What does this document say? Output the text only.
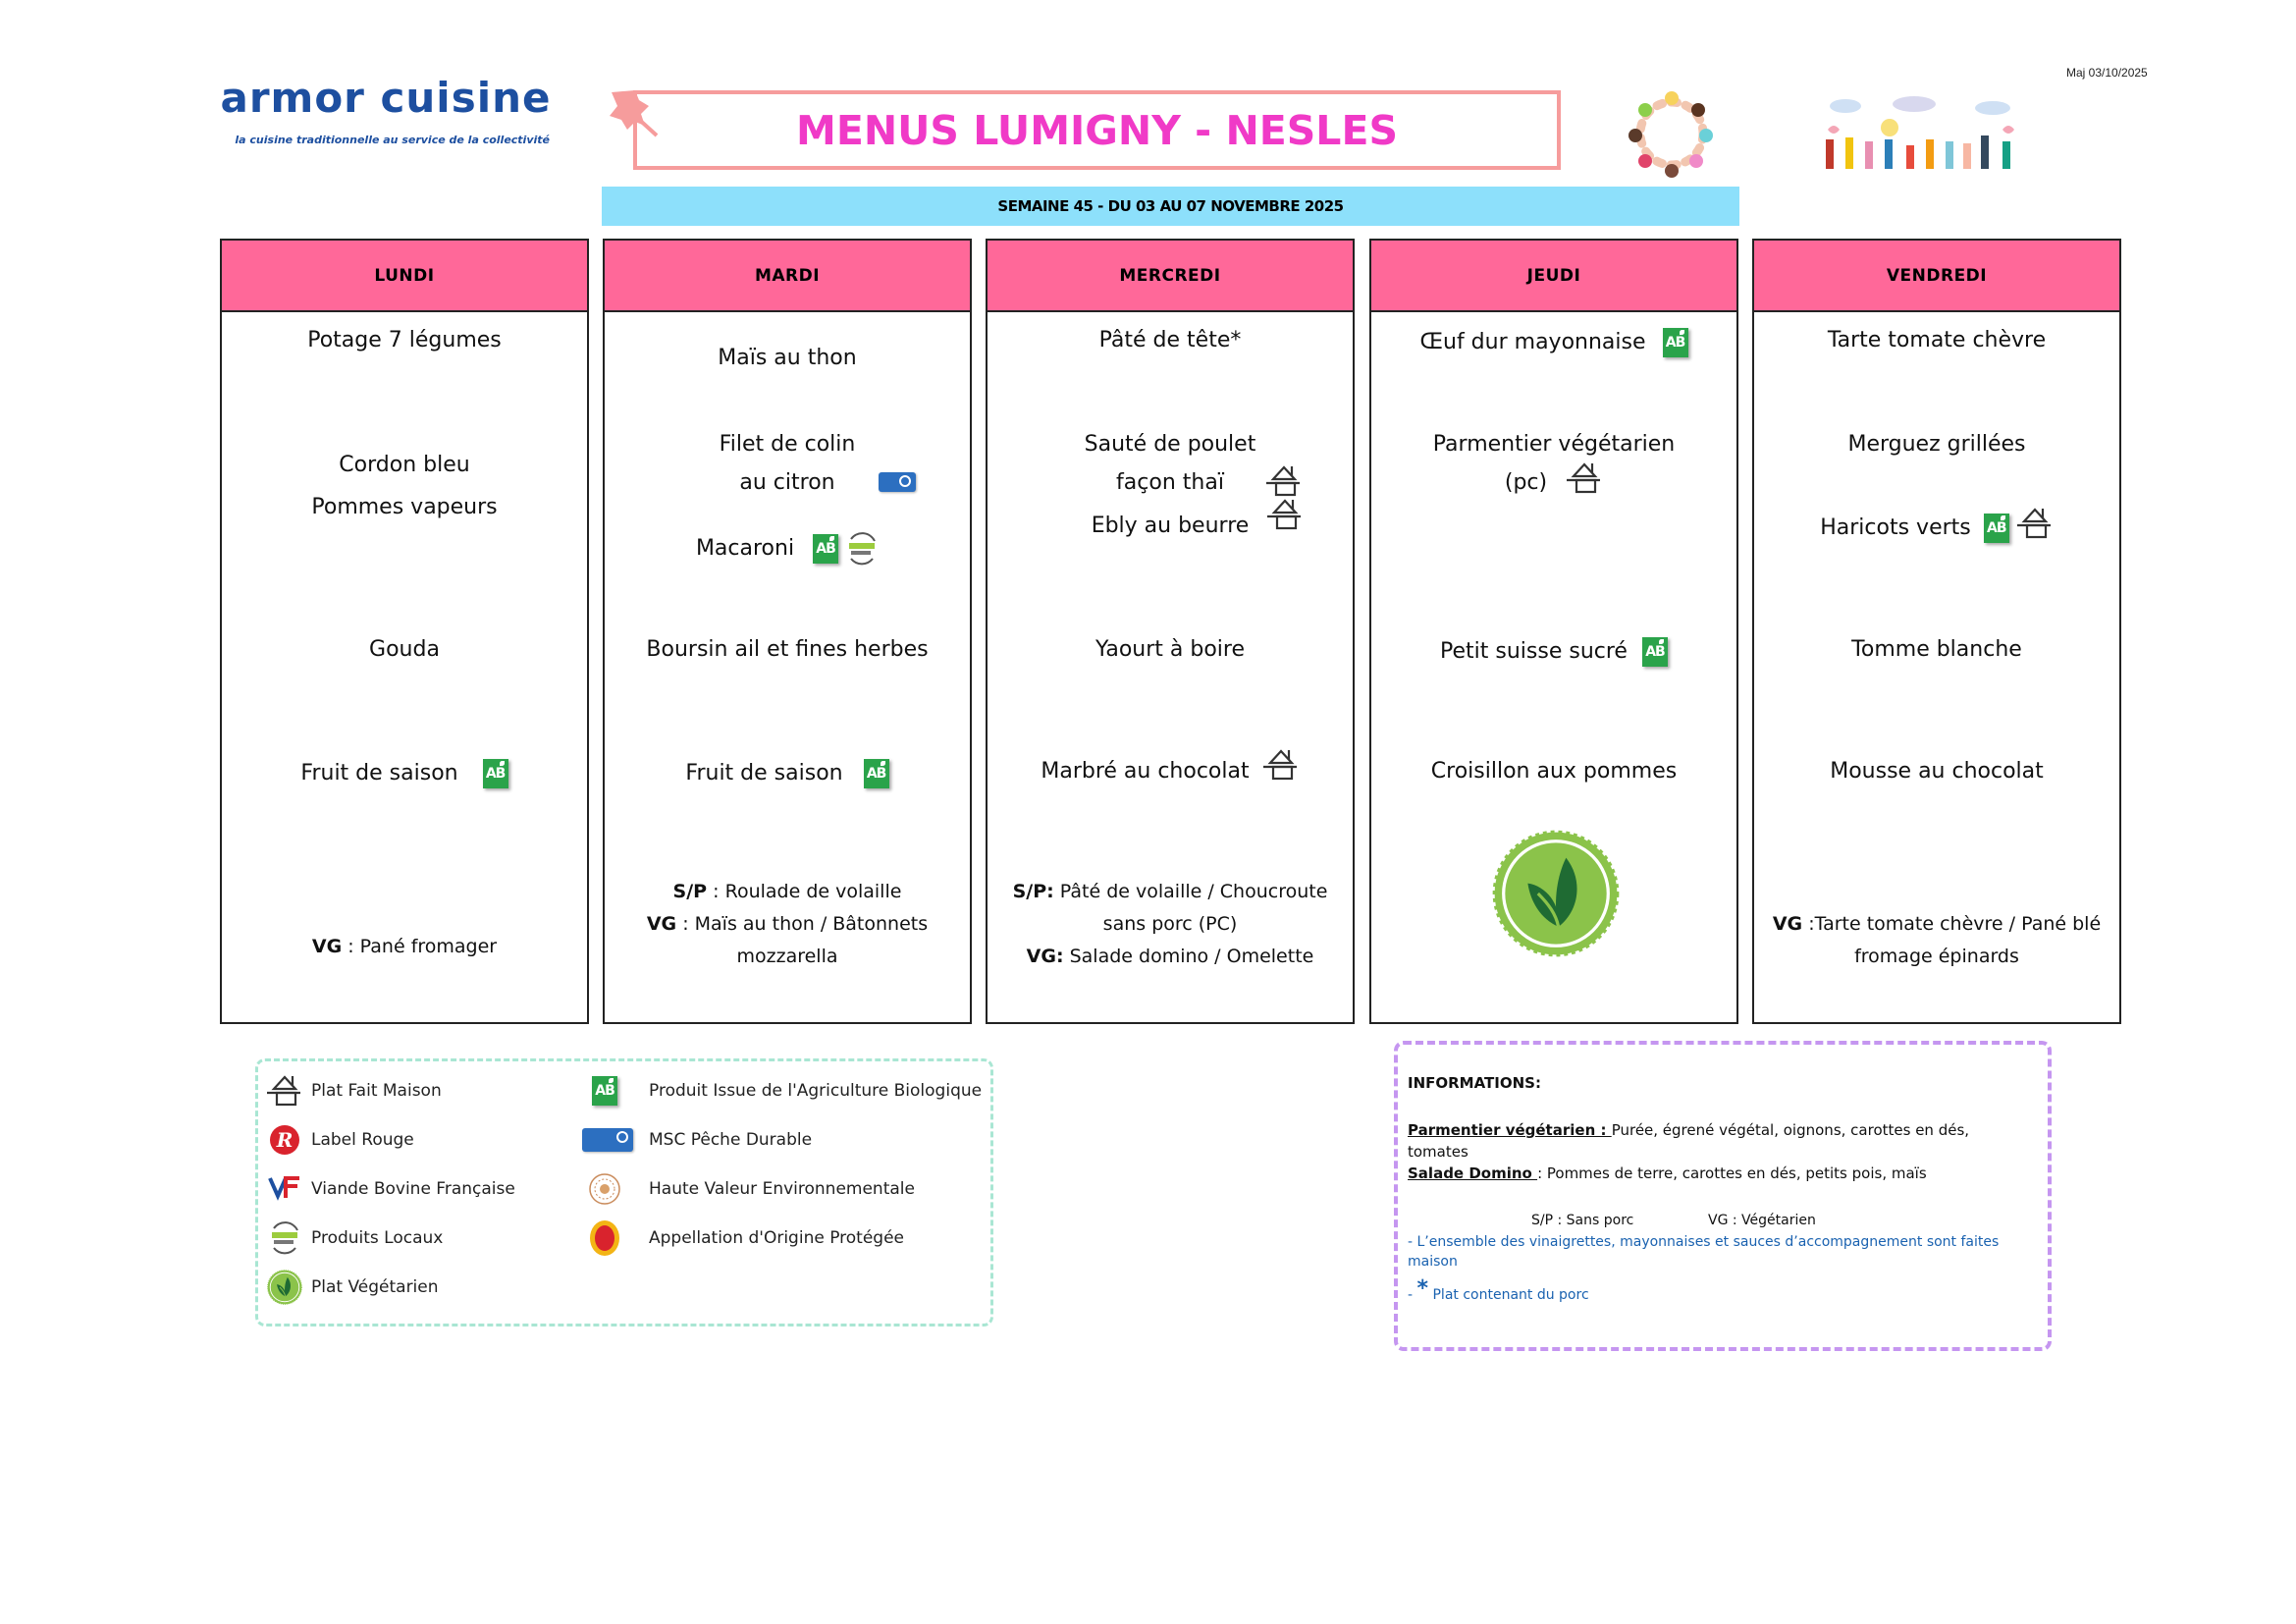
armor cuisine
la cuisine traditionnelle au service de la collectivité	MENUS LUMIGNY - NESLES
Maj 03/10/2025
SEMAINE 45 - DU 03 AU 07 NOVEMBRE 2025
LUNDI
Potage 7 légumes
Cordon bleu
Pommes vapeurs
Gouda
Fruit de saison AB
VG : Pané fromager
MARDI
Maïs au thon
Filet de colin
au citron
Macaroni AB
Boursin ail et fines herbes
Fruit de saison AB
S/P : Roulade de volaille
VG : Maïs au thon / Bâtonnets
mozzarella
MERCREDI
Pâté de tête*
Sauté de poulet
façon thaï
Ebly au beurre
Yaourt à boire
Marbré au chocolat
S/P: Pâté de volaille / Choucroute
sans porc (PC)
VG: Salade domino / Omelette
JEUDI
Œuf dur mayonnaise AB
Parmentier végétarien
(pc)
Petit suisse sucré AB
Croisillon aux pommes
VENDREDI
Tarte tomate chèvre
Merguez grillées
Haricots verts AB
Tomme blanche
Mousse au chocolat
VG :Tarte tomate chèvre / Pané blé
fromage épinards
Plat Fait Maison
R Label Rouge
Viande Bovine Française
Produits Locaux
Plat Végétarien
AB Produit Issue de l'Agriculture Biologique
MSC Pêche Durable
Haute Valeur Environnementale
Appellation d'Origine Protégée
INFORMATIONS:
Parmentier végétarien : Purée, égrené végétal, oignons, carottes en dés,
tomates
Salade Domino : Pommes de terre, carottes en dés, petits pois, maïs
S/P : Sans porc	VG : Végétarien
- L’ensemble des vinaigrettes, mayonnaises et sauces d’accompagnement sont faites
maison
- * Plat contenant du porc
